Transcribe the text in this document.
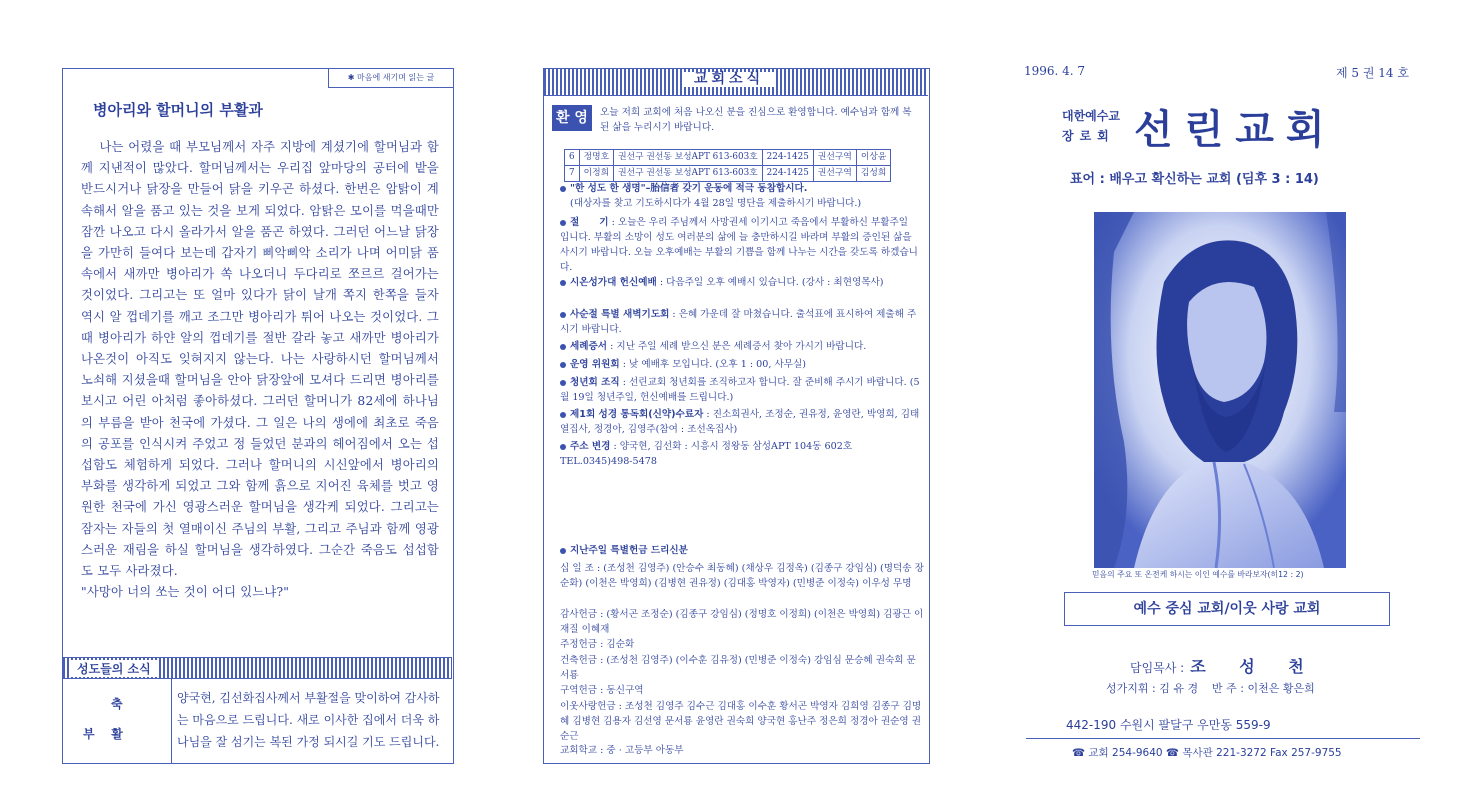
✱ 마음에 새기며 읽는 글
병아리와 할머니의 부활과

나는 어렸을 때 부모님께서 자주 지방에 계셨기에 할머님과 함께 지낸적이 많았다. 할머님께서는 우리집 앞마당의 공터에 밭을 반드시거나 닭장을 만들어 닭을 키우곤 하셨다. 한번은 암탉이 계속해서 알을 품고 있는 것을 보게 되었다. 암탉은 모이를 먹을때만 잠깐 나오고 다시 올라가서 알을 품곤 하였다. 그러던 어느날 닭장을 가만히 들여다 보는데 갑자기 삐악삐악 소리가 나며 어미닭 품속에서 새까만 병아리가 쏙 나오더니 두다리로 쪼르르 걸어가는 것이었다. 그리고는 또 얼마 있다가 닭이 날개 쪽지 한쪽을 들자 역시 알 껍데기를 깨고 조그만 병아리가 튀어 나오는 것이었다. 그때 병아리가 하얀 알의 껍데기를 절반 갈라 놓고 새까만 병아리가 나온것이 아직도 잊혀지지 않는다. 나는 사랑하시던 할머님께서 노쇠해 지셨을때 할머님을 안아 닭장앞에 모셔다 드리면 병아리를 보시고 어린 아처럼 좋아하셨다. 그러던 할머니가 82세에 하나님의 부름을 받아 천국에 가셨다. 그 일은 나의 생에에 최초로 죽음의 공포를 인식시켜 주었고 정 들었던 분과의 헤어짐에서 오는 섭섭함도 체험하게 되었다. 그러나 할머니의 시신앞에서 병아리의 부화를 생각하게 되었고 그와 함께 흙으로 지어진 육체를 벗고 영원한 천국에 가신 영광스러운 할머님을 생각케 되었다. 그리고는 잠자는 자들의 첫 열매이신 주님의 부활, 그리고 주님과 함께 영광스러운 재림을 하실 할머님을 생각하였다. 그순간 죽음도 섭섭함도 모두 사라졌다.

"사망아 너의 쏘는 것이 어디 있느냐?"

성도들의 소식
축
부    활
양국현, 김선화집사께서 부활절을 맞이하여 감사하는 마음으로 드립니다. 새로 이사한 집에서 더욱 하나님을 잘 섬기는 복된 가정 되시길 기도 드립니다.
교회소식
환 영	오늘 저희 교회에 처음 나오신 분을 진심으로 환영합니다. 예수님과 함께 복된 삶을 누리시기 바랍니다.
6	정명호	권선구 권선동 보성APT 613-603호	224-1425	권선구역	이상윤
7	이정희	권선구 권선동 보성APT 613-603호	224-1425	권선구역	김성희
"한 성도 한 생명"–胎信者 갖기 운동에 적극 동참합시다.
(대상자를 찾고 기도하시다가 4월 28일 명단을 제출하시기 바랍니다.)
절      기 : 오늘은 우리 주님께서 사망권세 이기시고 죽음에서 부활하신 부활주일 입니다. 부활의 소망이 성도 여러분의 삶에 늘 충만하시길 바라며 부활의 증인된 삶을 사시기 바랍니다. 오늘 오후예배는 부활의 기쁨을 함께 나누는 시간을 갖도록 하겠습니다.
시온성가대 헌신예배 : 다음주일 오후 예배시 있습니다. (강사 : 최현영목사)
사순절 특별 새벽기도회 : 은혜 가운데 잘 마쳤습니다. 출석표에 표시하여 제출해 주시기 바랍니다.
세례증서 : 지난 주일 세례 받으신 분은 세례증서 찾아 가시기 바랍니다.
운영 위원회 : 낮 예배후 모입니다. (오후 1 : 00, 사무실)
청년회 조직 : 선린교회 청년회를 조직하고자 합니다. 잘 준비해 주시기 바랍니다. (5월 19일 청년주일, 헌신예배를 드립니다.)
제1회 성경 통독회(신약)수료자 : 진소희권사, 조정순, 권유정, 윤영란, 박영희, 김태열집사, 정경아, 김영주(참여 : 조선옥집사)
주소 변경 : 양국현, 김선화 : 시흥시 정왕동 삼성APT 104동 602호 TEL.0345)498-5478
지난주일 특별헌금 드리신분
십 일 조 : (조성천 김영주) (안승수 최동혜) (채상우 김정옥) (김종구 강임심) (명덕송 장순화) (이천은 박영희) (김병현 권유정) (김대홍 박영자) (민병준 이정숙) 이우성 무명
감사헌금 : (황서곤 조정순) (김종구 강임심) (정명호 이정희) (이천은 박영희) 김광근 이재질 이혜재
주정헌금 : 김순화
건축헌금 : (조성천 김영주) (이수훈 김유정) (민병준 이정숙) 강임심 문승혜 권숙희 문서룡
구역헌금 : 동신구역
이웃사랑헌금 : 조성천 김영주 김수근 김대홍 이수훈 황서곤 박영자 김희영 김종구 김명혜 김병현 김용자 김선영 문서룡 윤영란 권숙희 양국현 홍난주 정은희 정경아 권순영 권순근
교회학교 : 중 · 고등부 아동부
1996. 4. 7	제 5 권 14 호
대한예수교
장로회 선린교회
표어 : 배우고 확신하는 교회 (딤후 3 : 14)
믿음의 주요 또 온전케 하시는 이인 예수를 바라보자(히12 : 2)
예수 중심 교회/이웃 사랑 교회
담임목사 : 조 성 천
성가지휘 : 김 유 경    반 주 : 이천은 황은희
442-190 수원시 팔달구 우만동 559-9
☎ 교회 254-9640 ☎ 목사관 221-3272 Fax 257-9755
